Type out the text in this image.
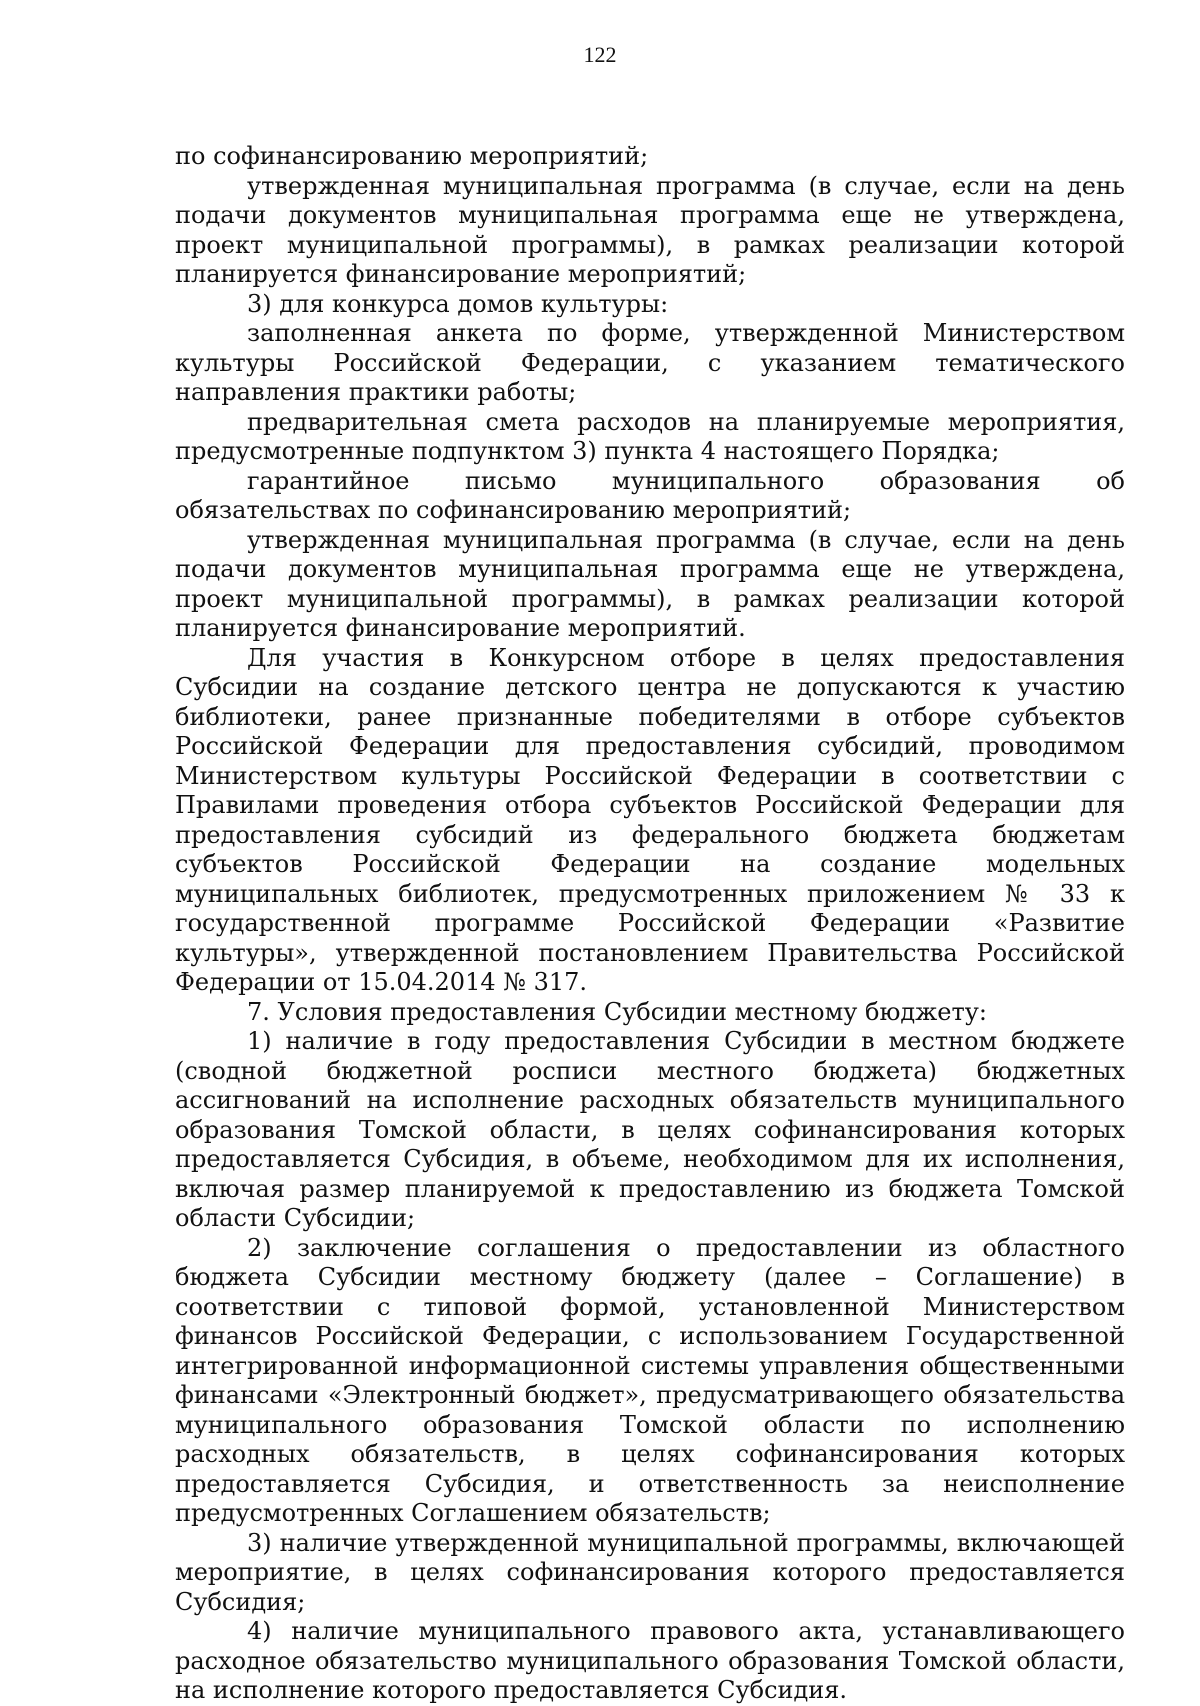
122

по софинансированию мероприятий;

утвержденная муниципальная программа (в случае, если на день подачи документов муниципальная программа еще не утверждена, проект муниципальной программы), в рамках реализации которой планируется финансирование мероприятий;

3) для конкурса домов культуры:

заполненная анкета по форме, утвержденной Министерством культуры Российской Федерации, с указанием тематического направления практики работы;

предварительная смета расходов на планируемые мероприятия, предусмотренные подпунктом 3) пункта 4 настоящего Порядка;

гарантийное письмо муниципального образования об обязательствах по софинансированию мероприятий;

утвержденная муниципальная программа (в случае, если на день подачи документов муниципальная программа еще не утверждена, проект муниципальной программы), в рамках реализации которой планируется финансирование мероприятий.

Для участия в Конкурсном отборе в целях предоставления Субсидии на создание детского центра не допускаются к участию библиотеки, ранее признанные победителями в отборе субъектов Российской Федерации для предоставления субсидий, проводимом Министерством культуры Российской Федерации в соответствии с Правилами проведения отбора субъектов Российской Федерации для предоставления субсидий из федерального бюджета бюджетам субъектов Российской Федерации на создание модельных муниципальных библиотек, предусмотренных приложением № 33 к государственной программе Российской Федерации «Развитие культуры», утвержденной постановлением Правительства Российской Федерации от 15.04.2014 № 317.

7. Условия предоставления Субсидии местному бюджету:

1) наличие в году предоставления Субсидии в местном бюджете (сводной бюджетной росписи местного бюджета) бюджетных ассигнований на исполнение расходных обязательств муниципального образования Томской области, в целях софинансирования которых предоставляется Субсидия, в объеме, необходимом для их исполнения, включая размер планируемой к предоставлению из бюджета Томской области Субсидии;

2) заключение соглашения о предоставлении из областного бюджета Субсидии местному бюджету (далее – Соглашение) в соответствии с типовой формой, установленной Министерством финансов Российской Федерации, с использованием Государственной интегрированной информационной системы управления общественными финансами «Электронный бюджет», предусматривающего обязательства муниципального образования Томской области по исполнению расходных обязательств, в целях софинансирования которых предоставляется Субсидия, и ответственность за неисполнение предусмотренных Соглашением обязательств;

3) наличие утвержденной муниципальной программы, включающей мероприятие, в целях софинансирования которого предоставляется Субсидия;

4) наличие муниципального правового акта, устанавливающего расходное обязательство муниципального образования Томской области, на исполнение которого предоставляется Субсидия.
